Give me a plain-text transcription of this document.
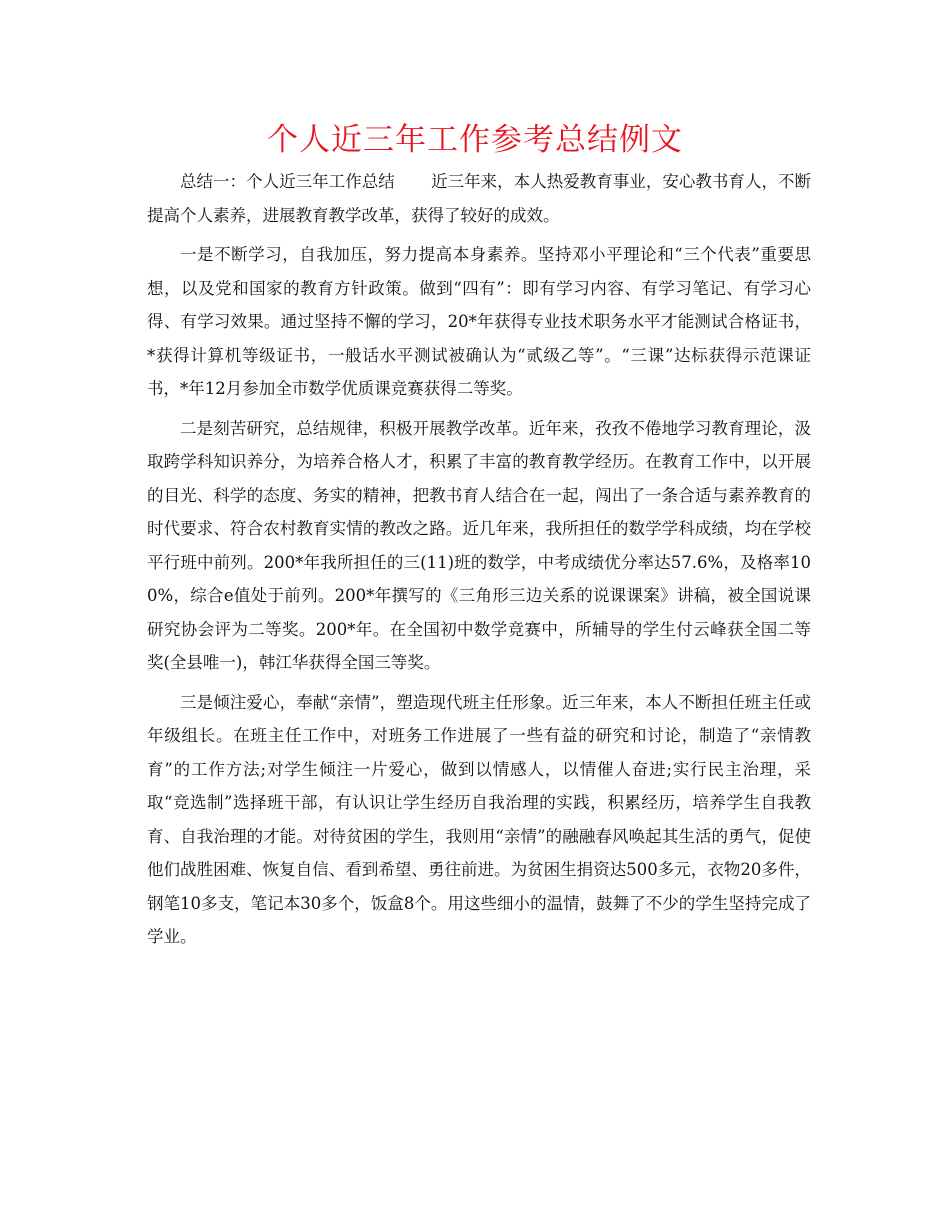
个人近三年工作参考总结例文

总结一：个人近三年工作总结 近三年来，本人热爱教育事业，安心教书育人，不断提高个人素养，进展教育教学改革，获得了较好的成效。

一是不断学习，自我加压，努力提高本身素养。坚持邓小平理论和“三个代表”重要思想，以及党和国家的教育方针政策。做到“四有”：即有学习内容、有学习笔记、有学习心得、有学习效果。通过坚持不懈的学习，20*年获得专业技术职务水平才能测试合格证书，*获得计算机等级证书，一般话水平测试被确认为“贰级乙等”。“三课”达标获得示范课证书，*年12月参加全市数学优质课竞赛获得二等奖。

二是刻苦研究，总结规律，积极开展教学改革。近年来，孜孜不倦地学习教育理论，汲取跨学科知识养分，为培养合格人才，积累了丰富的教育教学经历。在教育工作中，以开展的目光、科学的态度、务实的精神，把教书育人结合在一起，闯出了一条合适与素养教育的时代要求、符合农村教育实情的教改之路。近几年来，我所担任的数学学科成绩，均在学校平行班中前列。200*年我所担任的三(11)班的数学，中考成绩优分率达57.6%，及格率100%，综合e值处于前列。200*年撰写的《三角形三边关系的说课课案》讲稿，被全国说课研究协会评为二等奖。200*年。在全国初中数学竞赛中，所辅导的学生付云峰获全国二等奖(全县唯一)，韩江华获得全国三等奖。

三是倾注爱心，奉献“亲情”，塑造现代班主任形象。近三年来，本人不断担任班主任或年级组长。在班主任工作中，对班务工作进展了一些有益的研究和讨论，制造了“亲情教育”的工作方法;对学生倾注一片爱心，做到以情感人，以情催人奋进;实行民主治理，采取“竞选制”选择班干部，有认识让学生经历自我治理的实践，积累经历，培养学生自我教育、自我治理的才能。对待贫困的学生，我则用“亲情”的融融春风唤起其生活的勇气，促使他们战胜困难、恢复自信、看到希望、勇往前进。为贫困生捐资达500多元，衣物20多件，钢笔10多支，笔记本30多个，饭盒8个。用这些细小的温情，鼓舞了不少的学生坚持完成了学业。
